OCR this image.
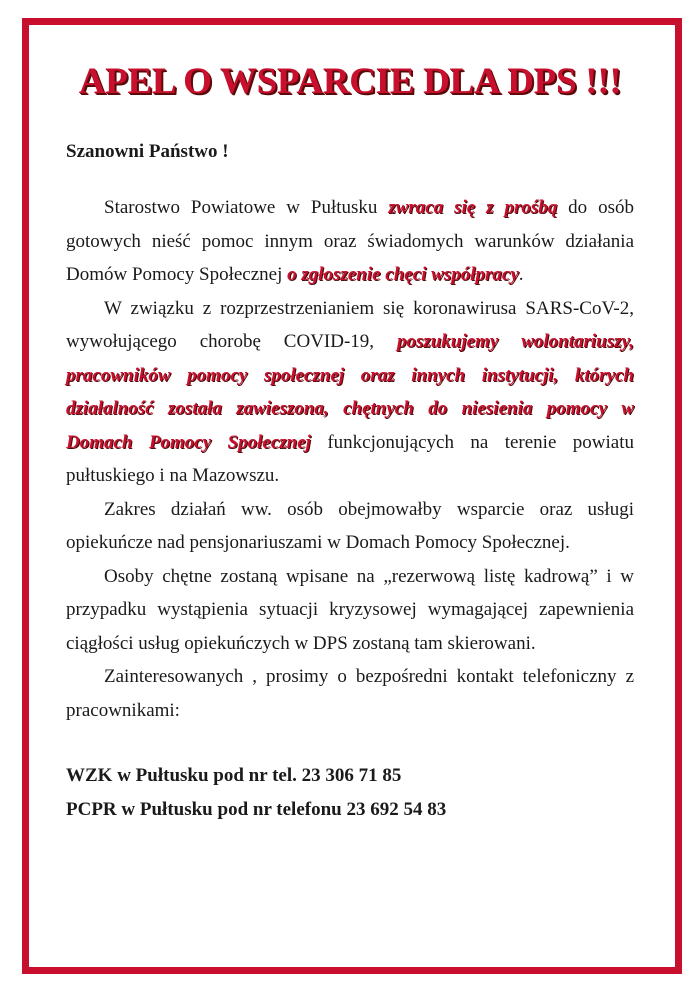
APEL O WSPARCIE DLA DPS !!!

Szanowni Państwo !

Starostwo Powiatowe w Pułtusku zwraca się z prośbą do osób gotowych nieść pomoc innym oraz świadomych warunków działania Domów Pomocy Społecznej o zgłoszenie chęci współpracy.

W związku z rozprzestrzenianiem się koronawirusa SARS-CoV-2, wywołującego chorobę COVID-19, poszukujemy wolontariuszy, pracowników pomocy społecznej oraz innych instytucji, których działalność została zawieszona, chętnych do niesienia pomocy w Domach Pomocy Społecznej funkcjonujących na terenie powiatu pułtuskiego i na Mazowszu.

Zakres działań ww. osób obejmowałby wsparcie oraz usługi opiekuńcze nad pensjonariuszami w Domach Pomocy Społecznej.

Osoby chętne zostaną wpisane na „rezerwową listę kadrową” i w przypadku wystąpienia sytuacji kryzysowej wymagającej zapewnienia ciągłości usług opiekuńczych w DPS zostaną tam skierowani.

Zainteresowanych , prosimy o bezpośredni kontakt telefoniczny z pracownikami:

WZK w Pułtusku pod nr tel. 23 306 71 85

PCPR w Pułtusku pod nr telefonu 23 692 54 83
